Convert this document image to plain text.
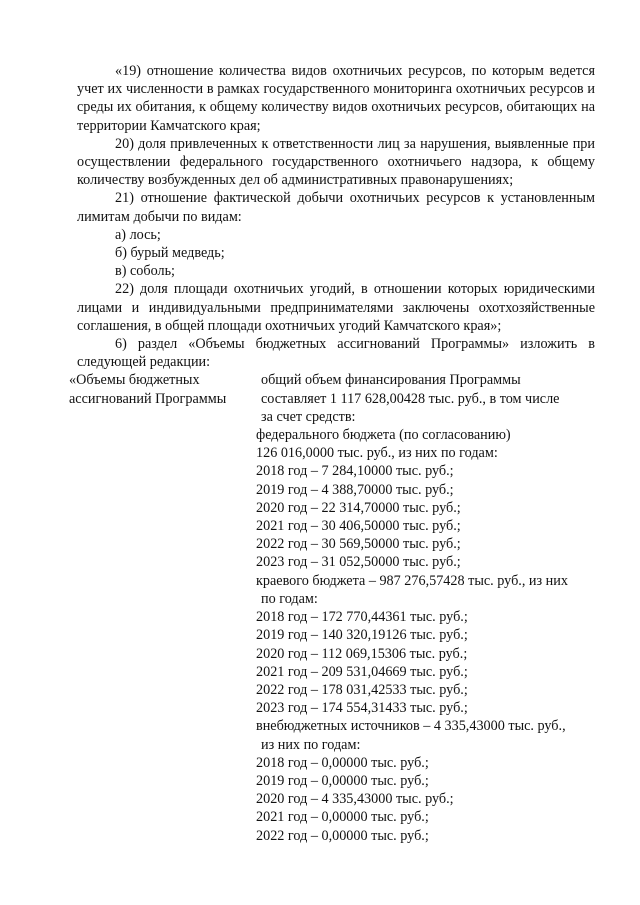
«19) отношение количества видов охотничьих ресурсов, по которым ведется учет их численности в рамках государственного мониторинга охотничьих ресурсов и среды их обитания, к общему количеству видов охотничьих ресурсов, обитающих на территории Камчатского края;

20) доля привлеченных к ответственности лиц за нарушения, выявленные при осуществлении федерального государственного охотничьего надзора, к общему количеству возбужденных дел об административных правонарушениях;

21) отношение фактической добычи охотничьих ресурсов к установленным лимитам добычи по видам:

а) лось;

б) бурый медведь;

в) соболь;

22) доля площади охотничьих угодий, в отношении которых юридическими лицами и индивидуальными предпринимателями заключены охотхозяйственные соглашения, в общей площади охотничьих угодий Камчатского края»;

6) раздел «Объемы бюджетных ассигнований Программы» изложить в следующей редакции:

«Объемы бюджетных
ассигнований Программы
общий объем финансирования Программы
составляет 1 117 628,00428 тыс. руб., в том числе
за счет средств:
федерального бюджета (по согласованию)
126 016,0000 тыс. руб., из них по годам:
2018 год – 7 284,10000 тыс. руб.;
2019 год – 4 388,70000 тыс. руб.;
2020 год – 22 314,70000 тыс. руб.;
2021 год – 30 406,50000 тыс. руб.;
2022 год – 30 569,50000 тыс. руб.;
2023 год – 31 052,50000 тыс. руб.;
краевого бюджета – 987 276,57428 тыс. руб., из них
по годам:
2018 год – 172 770,44361 тыс. руб.;
2019 год – 140 320,19126 тыс. руб.;
2020 год – 112 069,15306 тыс. руб.;
2021 год – 209 531,04669 тыс. руб.;
2022 год – 178 031,42533 тыс. руб.;
2023 год – 174 554,31433 тыс. руб.;
внебюджетных источников – 4 335,43000 тыс. руб.,
из них по годам:
2018 год – 0,00000 тыс. руб.;
2019 год – 0,00000 тыс. руб.;
2020 год – 4 335,43000 тыс. руб.;
2021 год – 0,00000 тыс. руб.;
2022 год – 0,00000 тыс. руб.;
